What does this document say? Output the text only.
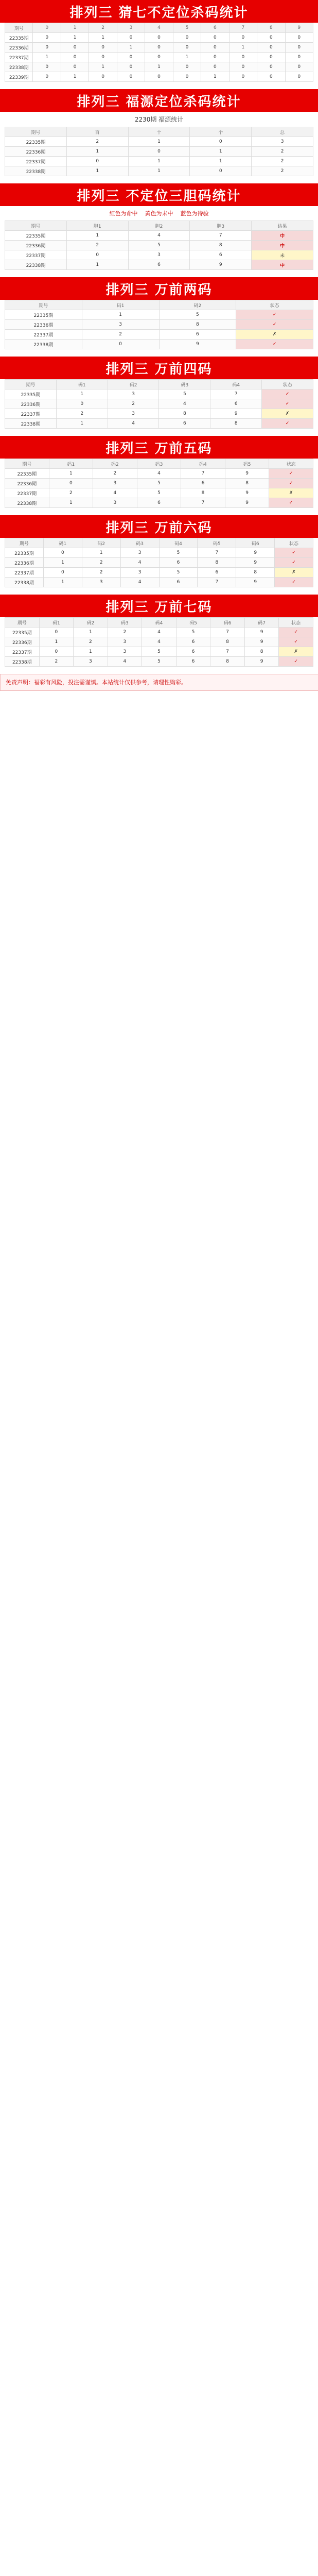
排列三 猜七不定位杀码统计
期号	0	1	2	3	4	5	6	7	8	9
22335期	0	1	1	0	0	0	0	0	0	0
22336期	0	0	0	1	0	0	0	1	0	0
22337期	1	0	0	0	0	1	0	0	0	0
22338期	0	0	1	0	1	0	0	0	0	0
22339期	0	1	0	0	0	0	1	0	0	0
排列三 福源定位杀码统计
2230期 福源统计
期号	百	十	个	总
22335期	2	1	0	3
22336期	1	0	1	2
22337期	0	1	1	2
22338期	1	1	0	2
排列三 不定位三胆码统计
红色为命中 黄色为未中 蓝色为待验
期号	胆1	胆2	胆3	结果
22335期	1	4	7	中
22336期	2	5	8	中
22337期	0	3	6	未
22338期	1	6	9	中
排列三 万前两码
期号	码1	码2	状态
22335期	1	5	✓
22336期	3	8	✓
22337期	2	6	✗
22338期	0	9	✓
排列三 万前四码
期号	码1	码2	码3	码4	状态
22335期	1	3	5	7	✓
22336期	0	2	4	6	✓
22337期	2	3	8	9	✗
22338期	1	4	6	8	✓
排列三 万前五码
期号	码1	码2	码3	码4	码5	状态
22335期	1	2	4	7	9	✓
22336期	0	3	5	6	8	✓
22337期	2	4	5	8	9	✗
22338期	1	3	6	7	9	✓
排列三 万前六码
期号	码1	码2	码3	码4	码5	码6	状态
22335期	0	1	3	5	7	9	✓
22336期	1	2	4	6	8	9	✓
22337期	0	2	3	5	6	8	✗
22338期	1	3	4	6	7	9	✓
排列三 万前七码
期号	码1	码2	码3	码4	码5	码6	码7	状态
22335期	0	1	2	4	5	7	9	✓
22336期	1	2	3	4	6	8	9	✓
22337期	0	1	3	5	6	7	8	✗
22338期	2	3	4	5	6	8	9	✓
免责声明：福彩有风险，投注需谨慎。本站统计仅供参考，请理性购彩。
